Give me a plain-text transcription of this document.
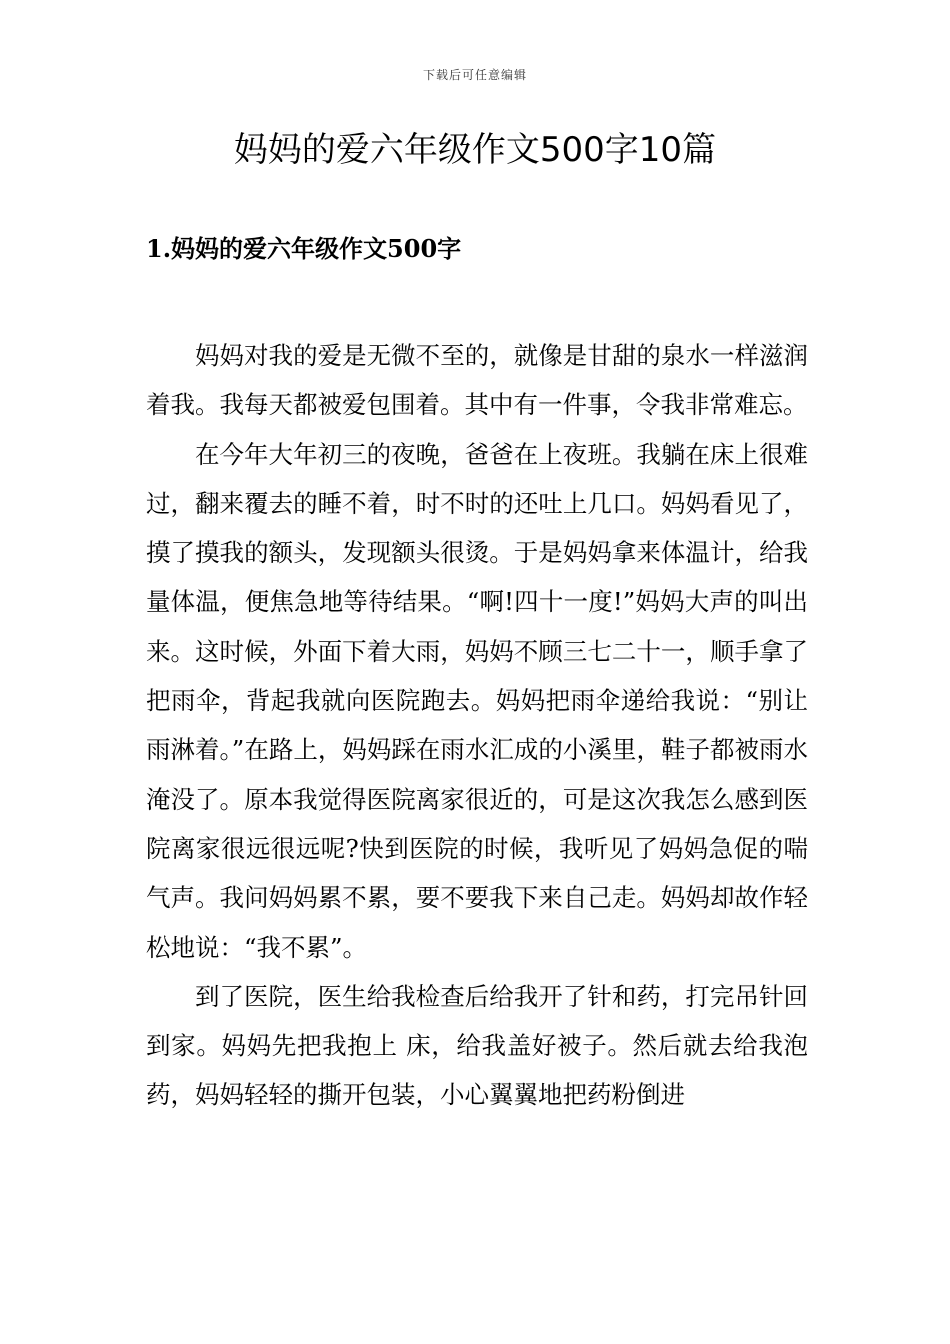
下载后可任意编辑
妈妈的爱六年级作文500字10篇
1.妈妈的爱六年级作文500字

妈妈对我的爱是无微不至的，就像是甘甜的泉水一样滋润着我。我每天都被爱包围着。其中有一件事，令我非常难忘。

在今年大年初三的夜晚，爸爸在上夜班。我躺在床上很难过，翻来覆去的睡不着，时不时的还吐上几口。妈妈看见了，摸了摸我的额头，发现额头很烫。于是妈妈拿来体温计，给我量体温，便焦急地等待结果。“啊!四十一度!”妈妈大声的叫出来。这时候，外面下着大雨，妈妈不顾三七二十一，顺手拿了把雨伞，背起我就向医院跑去。妈妈把雨伞递给我说：“别让雨淋着。”在路上，妈妈踩在雨水汇成的小溪里，鞋子都被雨水淹没了。原本我觉得医院离家很近的，可是这次我怎么感到医院离家很远很远呢?快到医院的时候，我听见了妈妈急促的喘气声。我问妈妈累不累，要不要我下来自己走。妈妈却故作轻松地说：“我不累”。

到了医院，医生给我检查后给我开了针和药，打完吊针回到家。妈妈先把我抱上 床，给我盖好被子。然后就去给我泡药，妈妈轻轻的撕开包装，小心翼翼地把药粉倒进
